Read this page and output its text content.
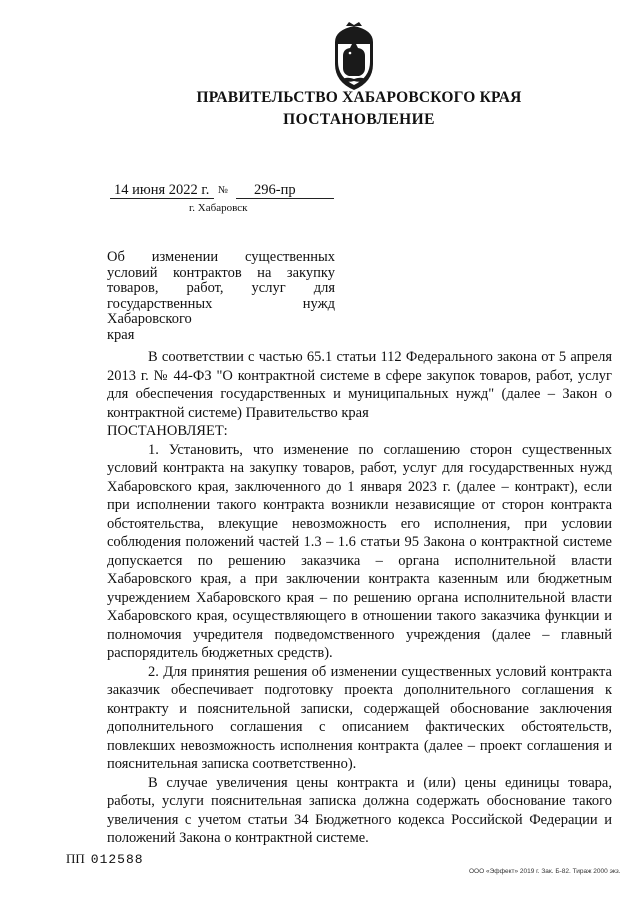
ПРАВИТЕЛЬСТВО ХАБАРОВСКОГО КРАЯ
ПОСТАНОВЛЕНИЕ
14 июня 2022 г. № 296-пр
г. Хабаровск
Об изменении существенных
условий контрактов на закупку
товаров, работ, услуг для
государственных нужд Хабаровского
края

В соответствии с частью 65.1 статьи 112 Федерального закона от 5 апреля 2013 г. № 44-ФЗ "О контрактной системе в сфере закупок товаров, работ, услуг для обеспечения государственных и муниципальных нужд" (далее – Закон о контрактной системе) Правительство края

ПОСТАНОВЛЯЕТ:

1. Установить, что изменение по соглашению сторон существенных условий контракта на закупку товаров, работ, услуг для государственных нужд Хабаровского края, заключенного до 1 января 2023 г. (далее – контракт), если при исполнении такого контракта возникли независящие от сторон контракта обстоятельства, влекущие невозможность его исполнения, при условии соблюдения положений частей 1.3 – 1.6 статьи 95 Закона о контрактной системе допускается по решению заказчика – органа исполнительной власти Хабаровского края, а при заключении контракта казенным или бюджетным учреждением Хабаровского края – по решению органа исполнительной власти Хабаровского края, осуществляющего в отношении такого заказчика функции и полномочия учредителя подведомственного учреждения (далее – главный распорядитель бюджетных средств).

2. Для принятия решения об изменении существенных условий контракта заказчик обеспечивает подготовку проекта дополнительного соглашения к контракту и пояснительной записки, содержащей обоснование заключения дополнительного соглашения с описанием фактических обстоятельств, повлекших невозможность исполнения контракта (далее – проект соглашения и пояснительная записка соответственно).

В случае увеличения цены контракта и (или) цены единицы товара, работы, услуги пояснительная записка должна содержать обоснование такого увеличения с учетом статьи 34 Бюджетного кодекса Российской Федерации и положений Закона о контрактной системе.

ПП 012588
ООО «Эффект» 2019 г. Зак. Б-82. Тираж 2000 экз.
